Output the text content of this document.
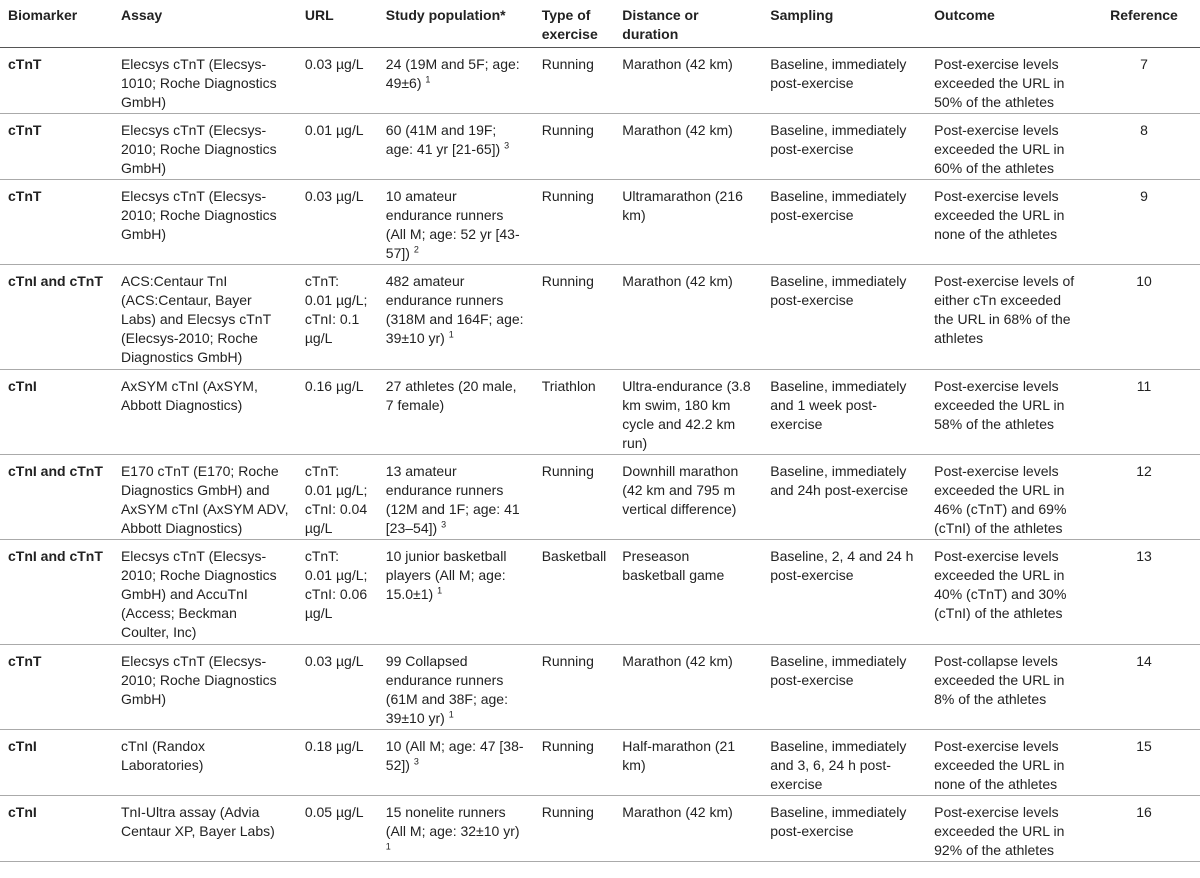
Biomarker	Assay	URL	Study population*	Type of exercise	Distance or duration	Sampling	Outcome	Reference
cTnT	Elecsys cTnT (Elecsys-1010; Roche Diagnostics GmbH)	0.03 µg/L	24 (19M and 5F; age: 49±6) $^1$	Running	Marathon (42 km)	Baseline, immediately post-exercise	Post-exercise levels exceeded the URL in 50% of the athletes	7
cTnT	Elecsys cTnT (Elecsys-2010; Roche Diagnostics GmbH)	0.01 µg/L	60 (41M and 19F; age: 41 yr [21-65]) $^3$	Running	Marathon (42 km)	Baseline, immediately post-exercise	Post-exercise levels exceeded the URL in 60% of the athletes	8
cTnT	Elecsys cTnT (Elecsys-2010; Roche Diagnostics GmbH)	0.03 µg/L	10 amateur endurance runners (All M; age: 52 yr [43-57]) $^2$	Running	Ultramarathon (216 km)	Baseline, immediately post-exercise	Post-exercise levels exceeded the URL in none of the athletes	9
cTnI and cTnT	ACS:Centaur TnI (ACS:Centaur, Bayer Labs) and Elecsys cTnT (Elecsys-2010; Roche Diagnostics GmbH)	cTnT: 0.01 µg/L; cTnI: 0.1 µg/L	482 amateur endurance runners (318M and 164F; age: 39±10 yr) $^1$	Running	Marathon (42 km)	Baseline, immediately post-exercise	Post-exercise levels of either cTn exceeded the URL in 68% of the athletes	10
cTnI	AxSYM cTnI (AxSYM, Abbott Diagnostics)	0.16 µg/L	27 athletes (20 male, 7 female)	Triathlon	Ultra-endurance (3.8 km swim, 180 km cycle and 42.2 km run)	Baseline, immediately and 1 week post-exercise	Post-exercise levels exceeded the URL in 58% of the athletes	11
cTnI and cTnT	E170 cTnT (E170; Roche Diagnostics GmbH) and AxSYM cTnI (AxSYM ADV, Abbott Diagnostics)	cTnT: 0.01 µg/L; cTnI: 0.04 µg/L	13 amateur endurance runners (12M and 1F; age: 41 [23–54]) $^3$	Running	Downhill marathon (42 km and 795 m vertical difference)	Baseline, immediately and 24h post-exercise	Post-exercise levels exceeded the URL in 46% (cTnT) and 69% (cTnI) of the athletes	12
cTnI and cTnT	Elecsys cTnT (Elecsys-2010; Roche Diagnostics GmbH) and AccuTnI (Access; Beckman Coulter, Inc)	cTnT: 0.01 µg/L; cTnI: 0.06 µg/L	10 junior basketball players (All M; age: 15.0±1) $^1$	Basketball	Preseason basketball game	Baseline, 2, 4 and 24 h post-exercise	Post-exercise levels exceeded the URL in 40% (cTnT) and 30% (cTnI) of the athletes	13
cTnT	Elecsys cTnT (Elecsys-2010; Roche Diagnostics GmbH)	0.03 µg/L	99 Collapsed endurance runners (61M and 38F; age: 39±10 yr) $^1$	Running	Marathon (42 km)	Baseline, immediately post-exercise	Post-collapse levels exceeded the URL in 8% of the athletes	14
cTnI	cTnI (Randox Laboratories)	0.18 µg/L	10 (All M; age: 47 [38-52]) $^3$	Running	Half-marathon (21 km)	Baseline, immediately and 3, 6, 24 h post-exercise	Post-exercise levels exceeded the URL in none of the athletes	15
cTnI	TnI-Ultra assay (Advia Centaur XP, Bayer Labs)	0.05 µg/L	15 nonelite runners (All M; age: 32±10 yr) $^1$	Running	Marathon (42 km)	Baseline, immediately post-exercise	Post-exercise levels exceeded the URL in 92% of the athletes	16
